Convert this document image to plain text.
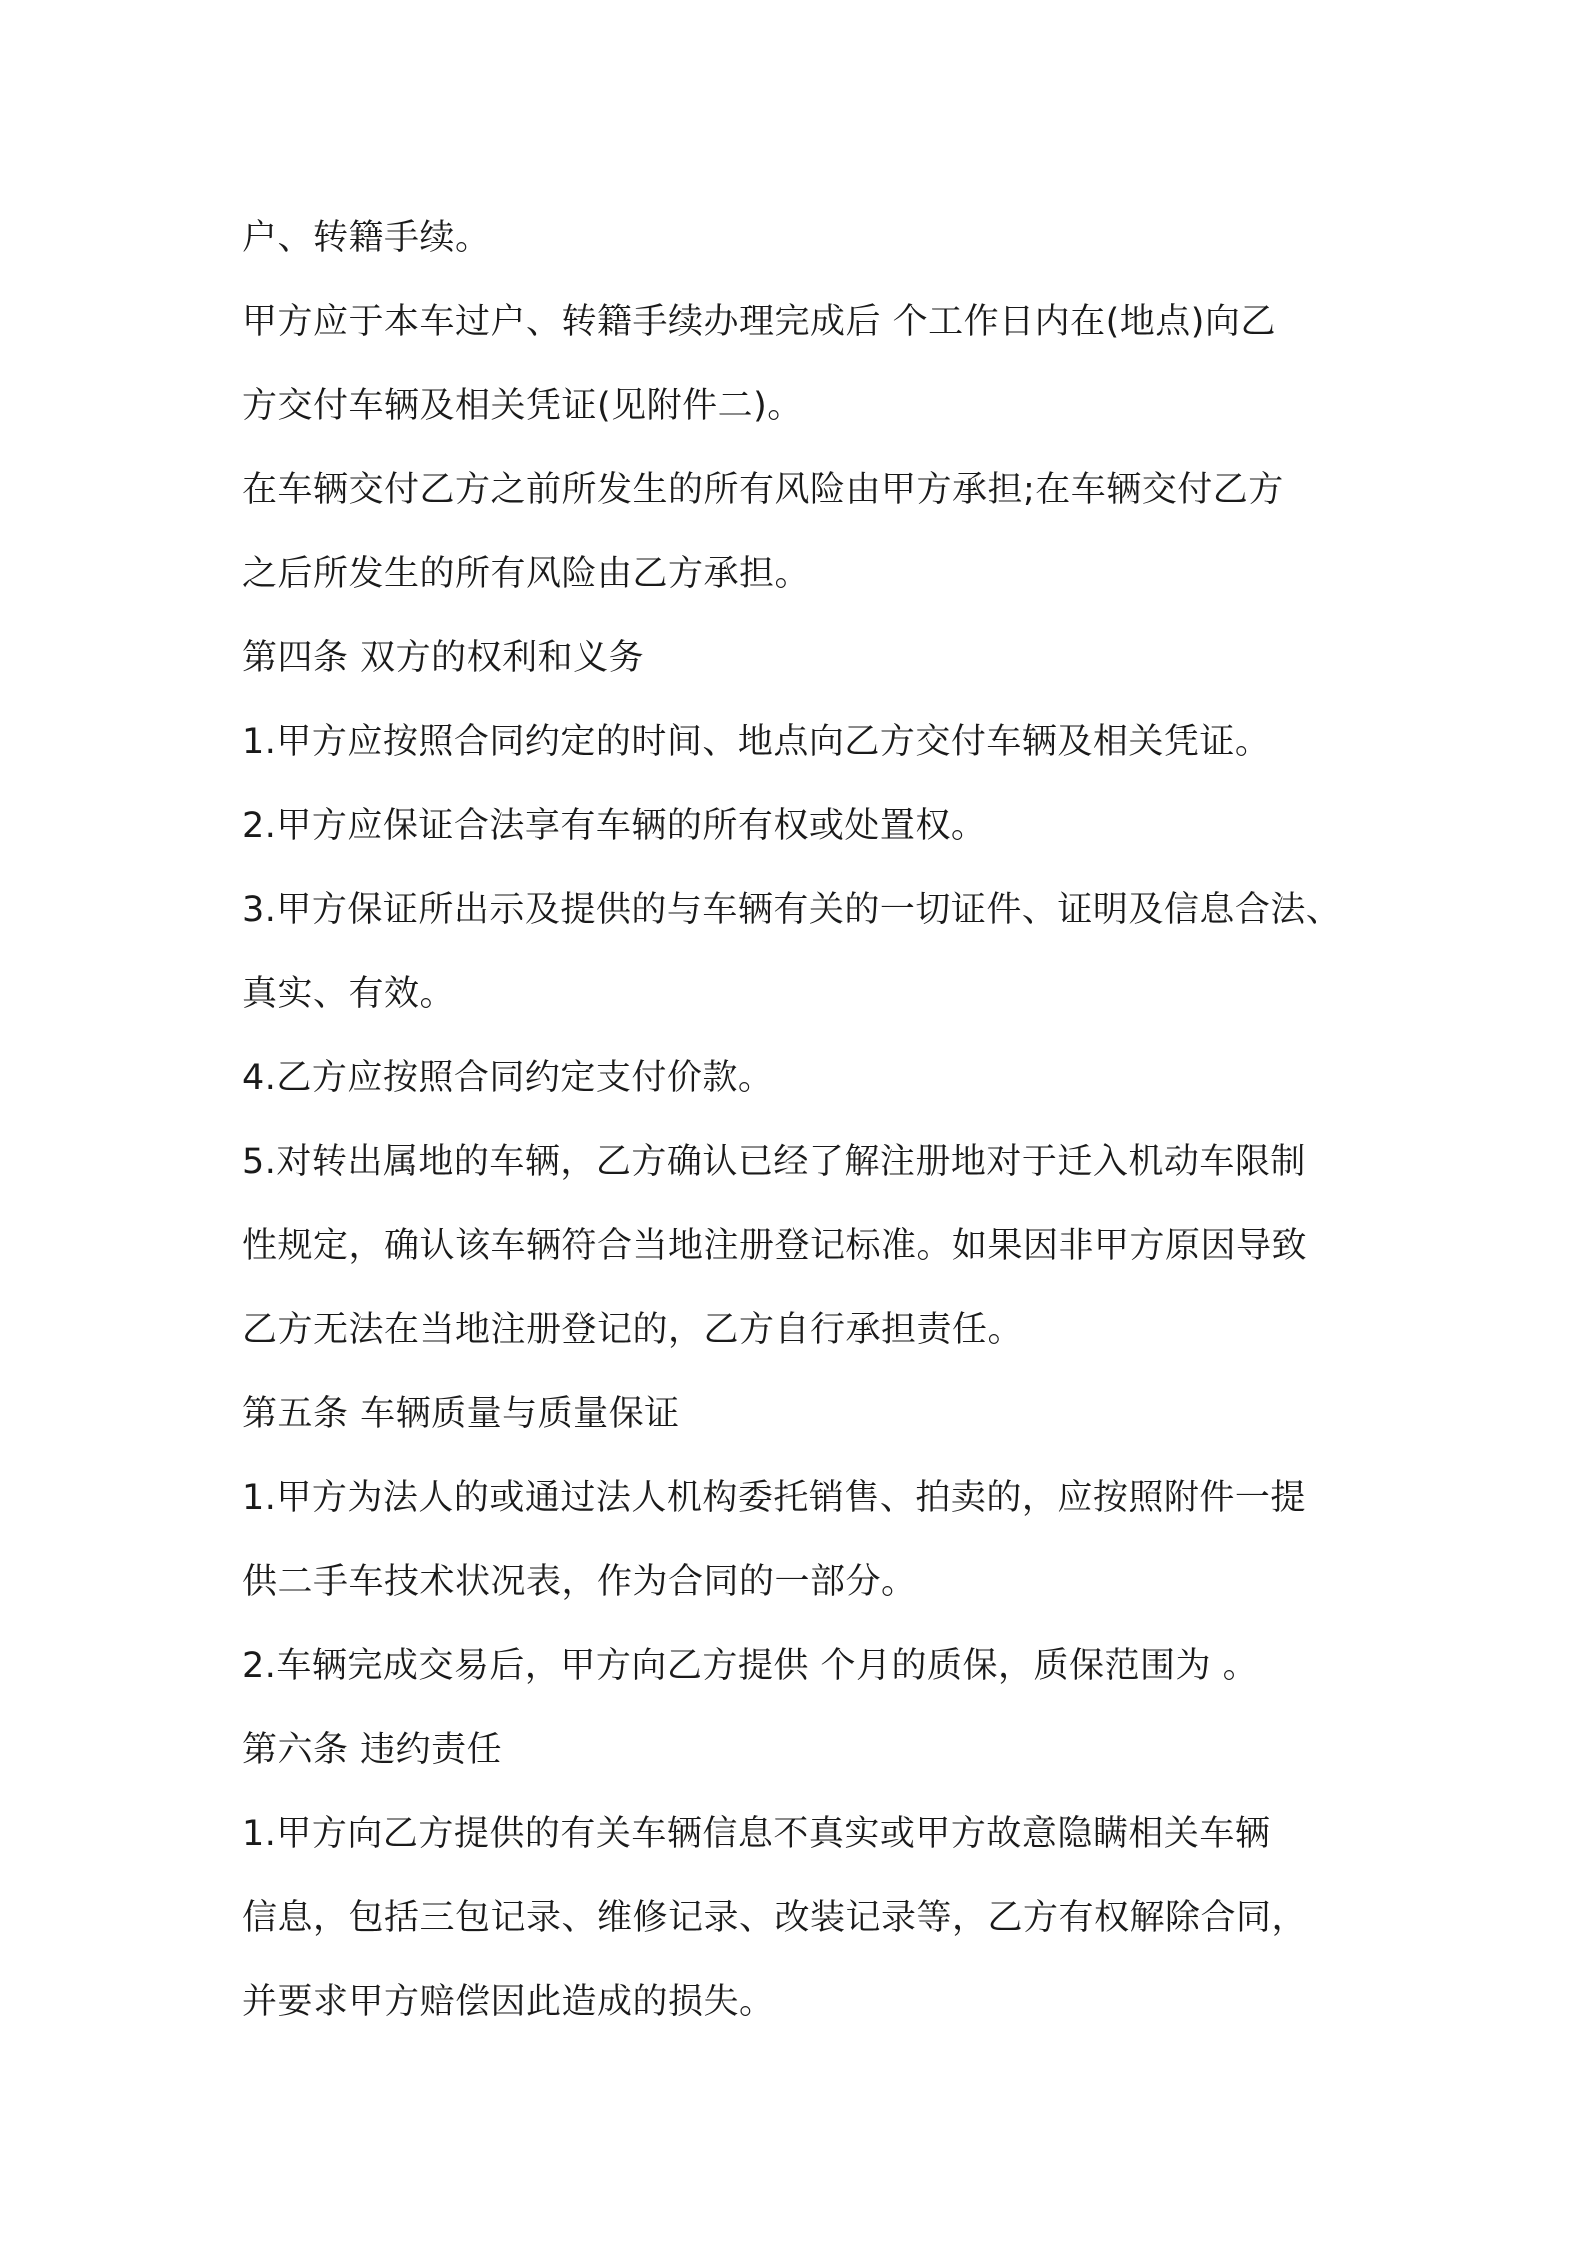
户、转籍手续。
甲方应于本车过户、转籍手续办理完成后 个工作日内在(地点)向乙
方交付车辆及相关凭证(见附件二)。
在车辆交付乙方之前所发生的所有风险由甲方承担;在车辆交付乙方
之后所发生的所有风险由乙方承担。
第四条 双方的权利和义务
1.甲方应按照合同约定的时间、地点向乙方交付车辆及相关凭证。
2.甲方应保证合法享有车辆的所有权或处置权。
3.甲方保证所出示及提供的与车辆有关的一切证件、证明及信息合法、
真实、有效。
4.乙方应按照合同约定支付价款。
5.对转出属地的车辆，乙方确认已经了解注册地对于迁入机动车限制
性规定，确认该车辆符合当地注册登记标准。如果因非甲方原因导致
乙方无法在当地注册登记的，乙方自行承担责任。
第五条 车辆质量与质量保证
1.甲方为法人的或通过法人机构委托销售、拍卖的，应按照附件一提
供二手车技术状况表，作为合同的一部分。
2.车辆完成交易后，甲方向乙方提供 个月的质保，质保范围为 。
第六条 违约责任
1.甲方向乙方提供的有关车辆信息不真实或甲方故意隐瞒相关车辆
信息，包括三包记录、维修记录、改装记录等，乙方有权解除合同，
并要求甲方赔偿因此造成的损失。
